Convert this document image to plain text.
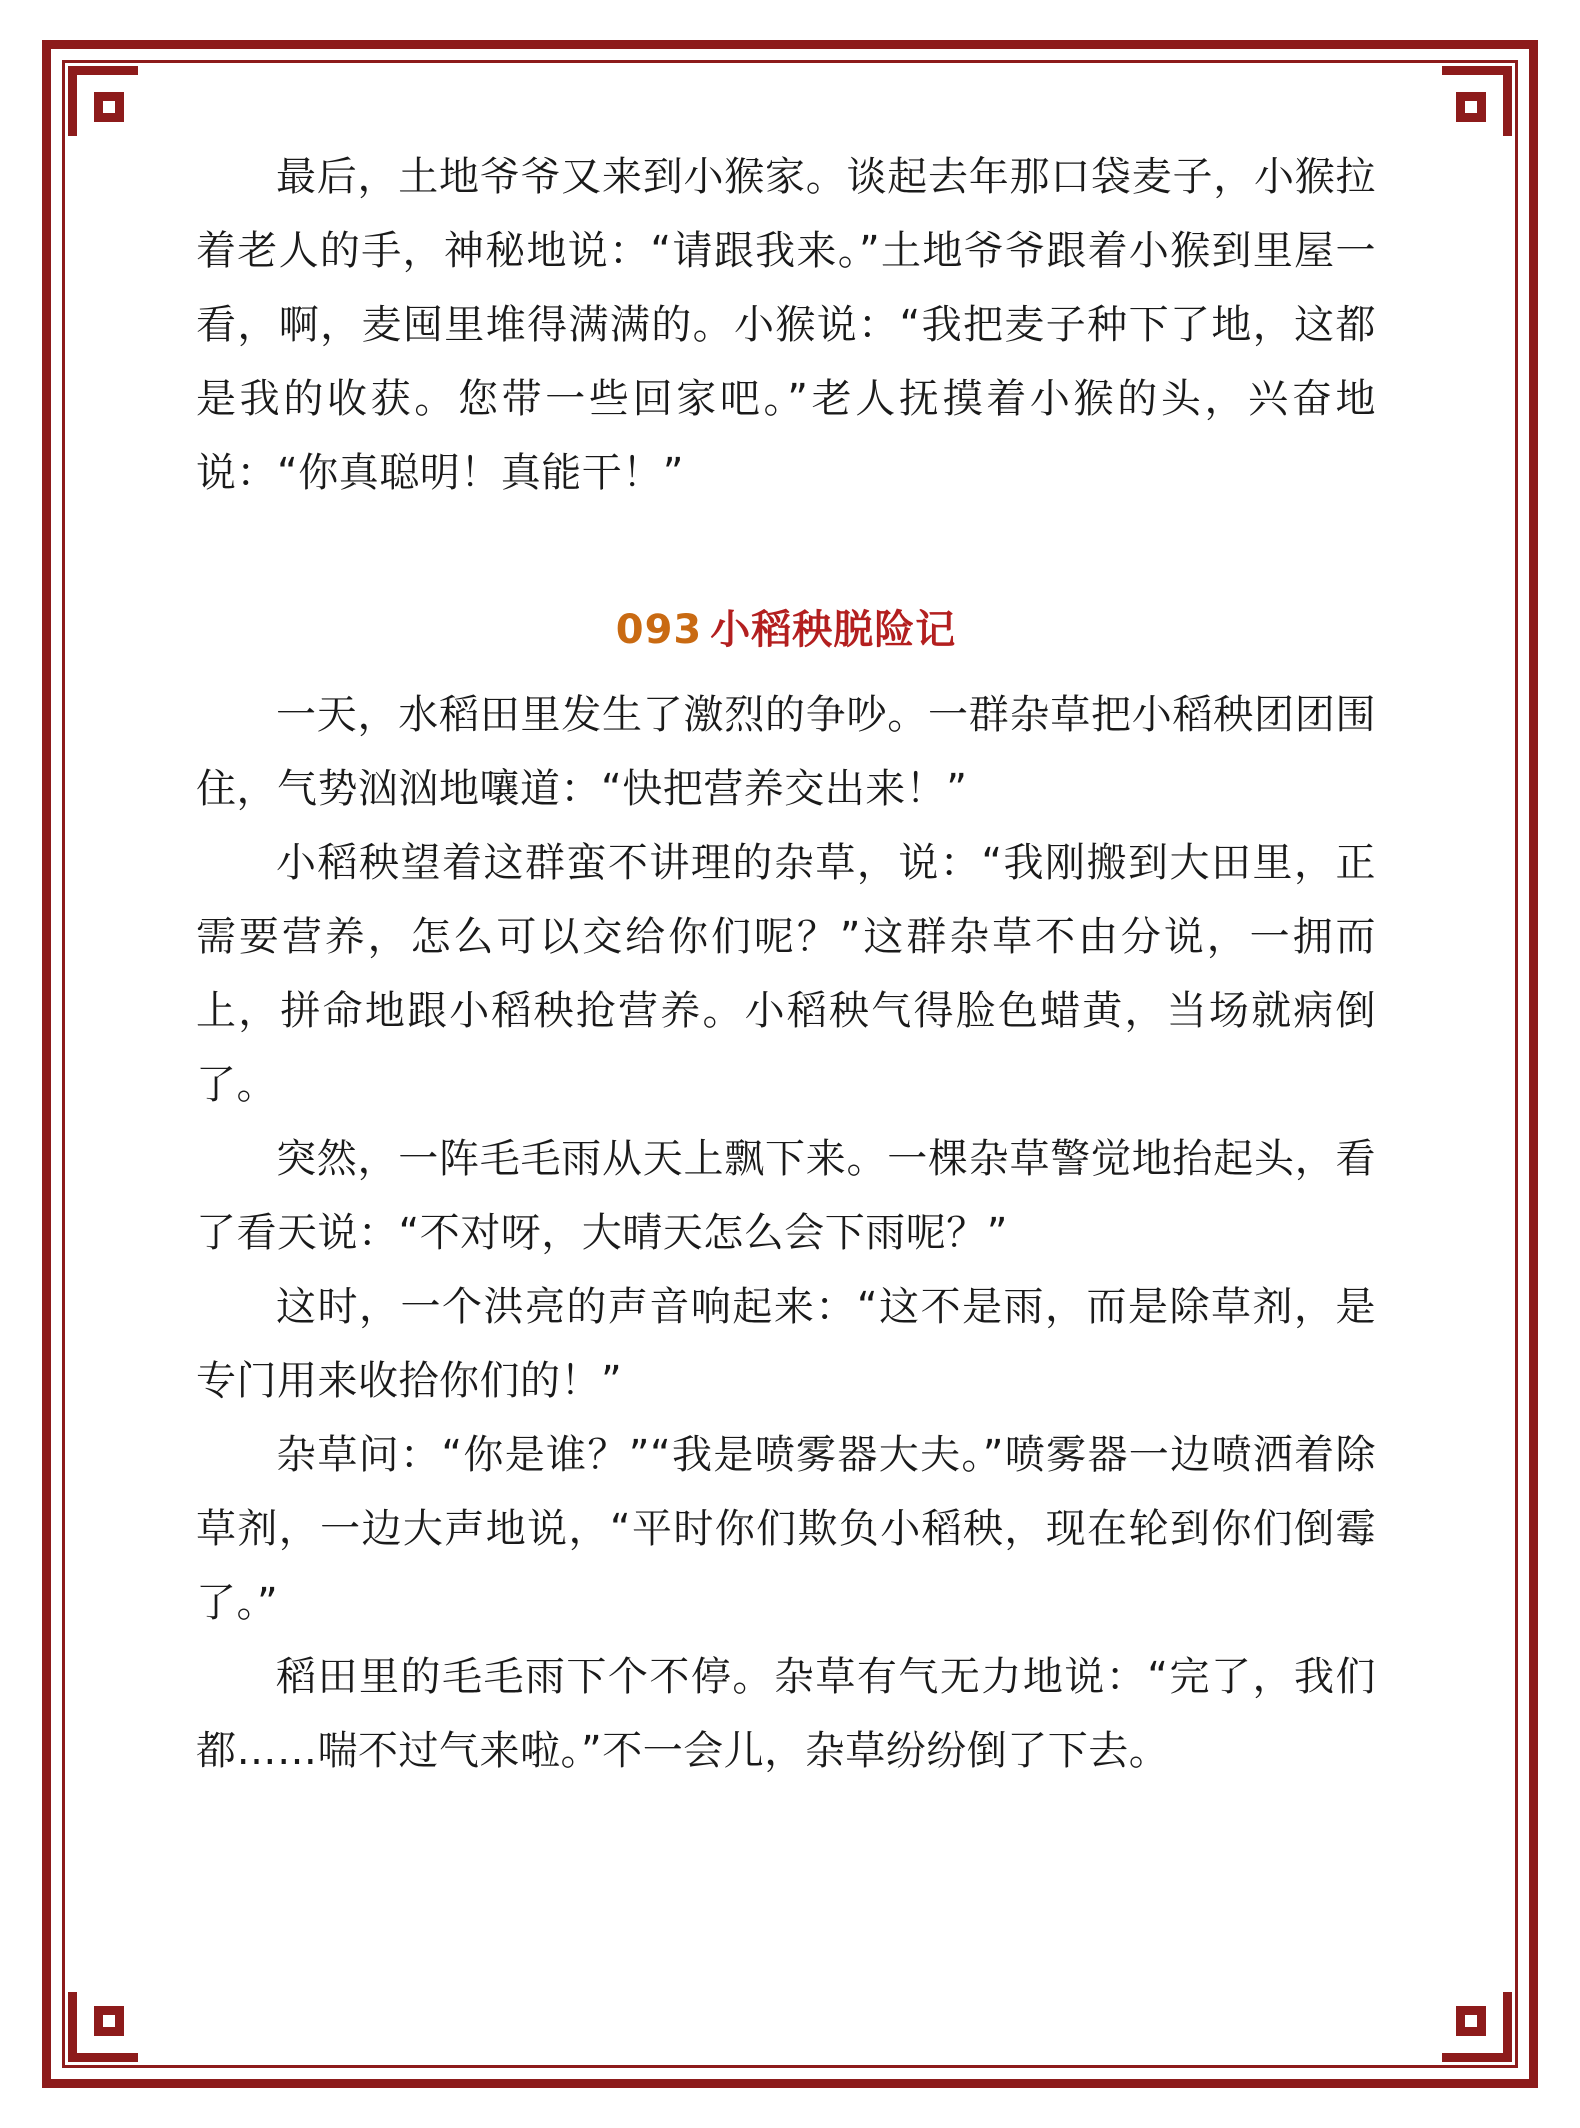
最后，土地爷爷又来到小猴家。谈起去年那口袋麦子，小猴拉着老人的手，神秘地说：“请跟我来。”土地爷爷跟着小猴到里屋一看，啊，麦囤里堆得满满的。小猴说：“我把麦子种下了地，这都是我的收获。您带一些回家吧。”老人抚摸着小猴的头，兴奋地说：“你真聪明！真能干！”

093 小稻秧脱险记

一天，水稻田里发生了激烈的争吵。一群杂草把小稻秧团团围住，气势汹汹地嚷道：“快把营养交出来！”

小稻秧望着这群蛮不讲理的杂草，说：“我刚搬到大田里，正需要营养，怎么可以交给你们呢？”这群杂草不由分说，一拥而上，拼命地跟小稻秧抢营养。小稻秧气得脸色蜡黄，当场就病倒了。

突然，一阵毛毛雨从天上飘下来。一棵杂草警觉地抬起头，看了看天说：“不对呀，大晴天怎么会下雨呢？”

这时，一个洪亮的声音响起来：“这不是雨，而是除草剂，是专门用来收拾你们的！”

杂草问：“你是谁？”“我是喷雾器大夫。”喷雾器一边喷洒着除草剂，一边大声地说，“平时你们欺负小稻秧，现在轮到你们倒霉了。”

稻田里的毛毛雨下个不停。杂草有气无力地说：“完了，我们都……喘不过气来啦。”不一会儿，杂草纷纷倒了下去。
